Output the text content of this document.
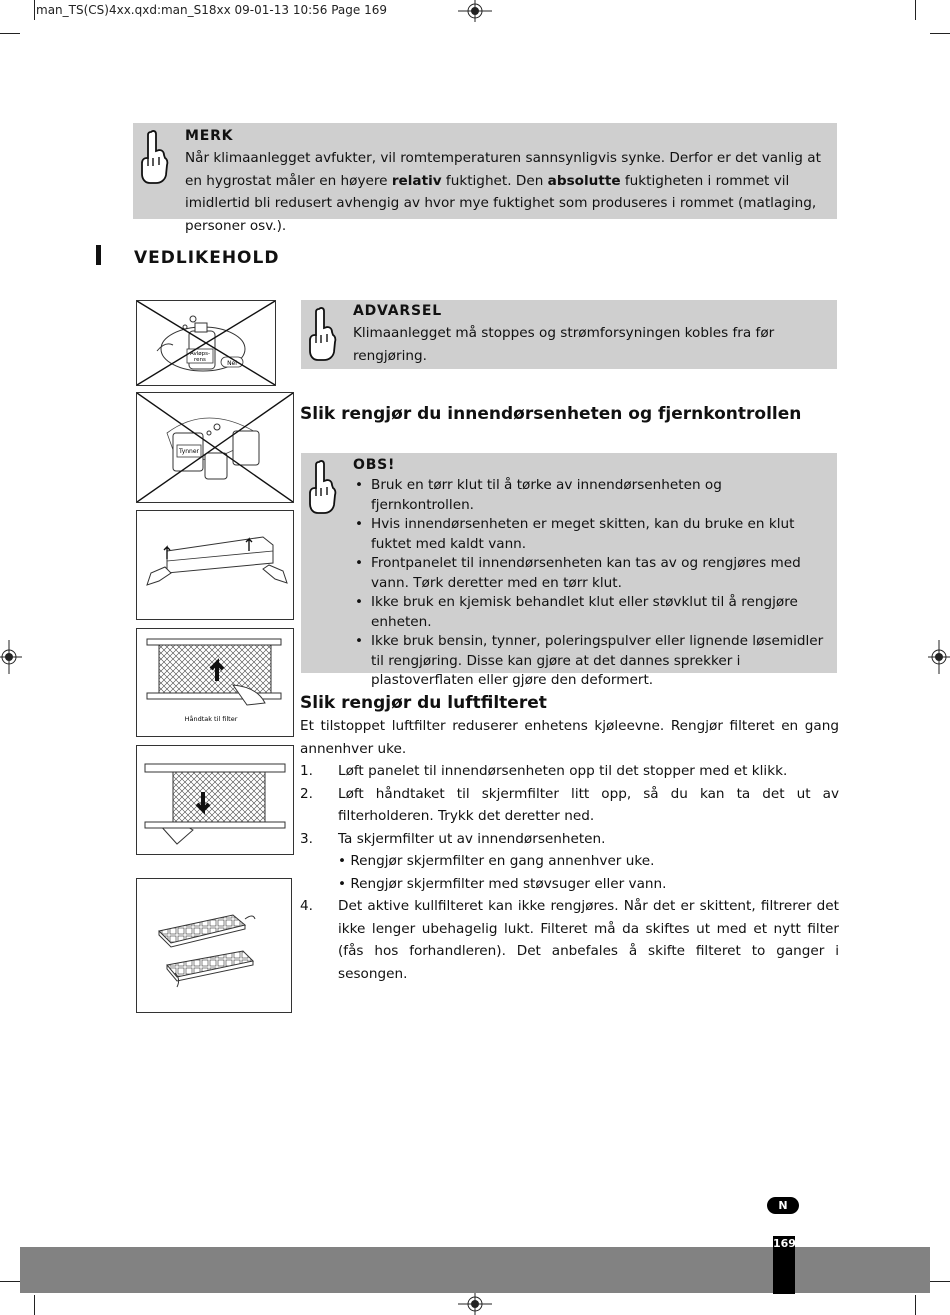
man_TS(CS)4xx.qxd:man_S18xx 09-01-13 10:56 Page 169
MERK
Når klimaanlegget avfukter, vil romtemperaturen sannsynligvis synke. Derfor er det vanlig at en hygrostat måler en høyere relativ fuktighet. Den absolutte fuktigheten i rommet vil imidlertid bli redusert avhengig av hvor mye fuktighet som produseres i rommet (matlaging, personer osv.).
VEDLIKEHOLD
Avløps-
rens	Nei
Tynner
Håndtak til filter
ADVARSEL
Klimaanlegget må stoppes og strømforsyningen kobles fra før rengjøring.
Slik rengjør du innendørsenheten og fjernkontrollen
OBS!
• Bruk en tørr klut til å tørke av innendørsenheten og fjernkontrollen.
• Hvis innendørsenheten er meget skitten, kan du bruke en klut fuktet med kaldt vann.
• Frontpanelet til innendørsenheten kan tas av og rengjøres med vann. Tørk deretter med en tørr klut.
• Ikke bruk en kjemisk behandlet klut eller støvklut til å rengjøre enheten.
• Ikke bruk bensin, tynner, poleringspulver eller lignende løsemidler til rengjøring. Disse kan gjøre at det dannes sprekker i plastoverflaten eller gjøre den deformert.
Slik rengjør du luftfilteret
Et tilstoppet luftfilter reduserer enhetens kjøleevne. Rengjør filteret en gang annenhver uke.
1. Løft panelet til innendørsenheten opp til det stopper med et klikk.
2. Løft håndtaket til skjermfilter litt opp, så du kan ta det ut av filterholderen. Trykk det deretter ned.
3. Ta skjermfilter ut av innendørsenheten.
• Rengjør skjermfilter en gang annenhver uke.
• Rengjør skjermfilter med støvsuger eller vann.
4. Det aktive kullfilteret kan ikke rengjøres. Når det er skittent, filtrerer det ikke lenger ubehagelig lukt. Filteret må da skiftes ut med et nytt filter (fås hos forhandleren). Det anbefales å skifte filteret to ganger i sesongen.
N
169
